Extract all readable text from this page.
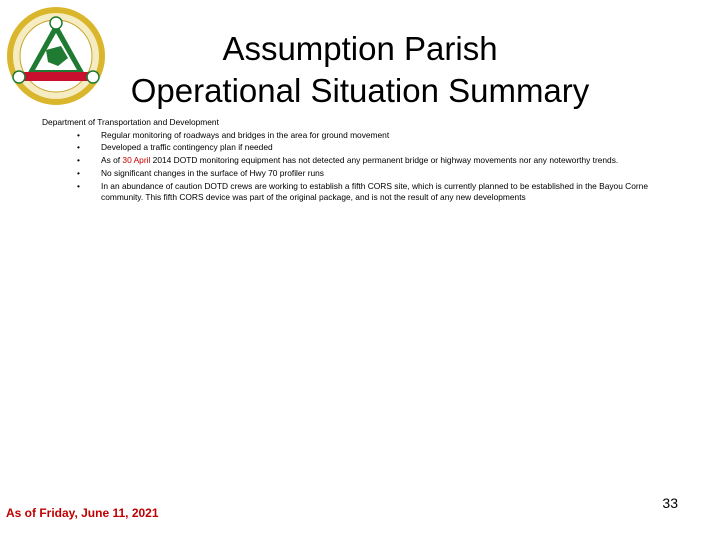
Assumption Parish
Operational Situation Summary
Department of Transportation and Development
•	Regular monitoring of roadways and bridges in the area for ground movement
•	Developed a traffic contingency plan if needed
•	As of 30 April 2014 DOTD monitoring equipment has not detected any permanent bridge or highway movements nor any noteworthy trends.
•	No significant changes in the surface of Hwy 70 profiler runs
•	In an abundance of caution DOTD crews are working to establish a fifth CORS site, which is currently planned to be established in the Bayou Corne community. This fifth CORS device was part of the original package, and is not the result of any new developments
As of Friday, June 11, 2021
33
